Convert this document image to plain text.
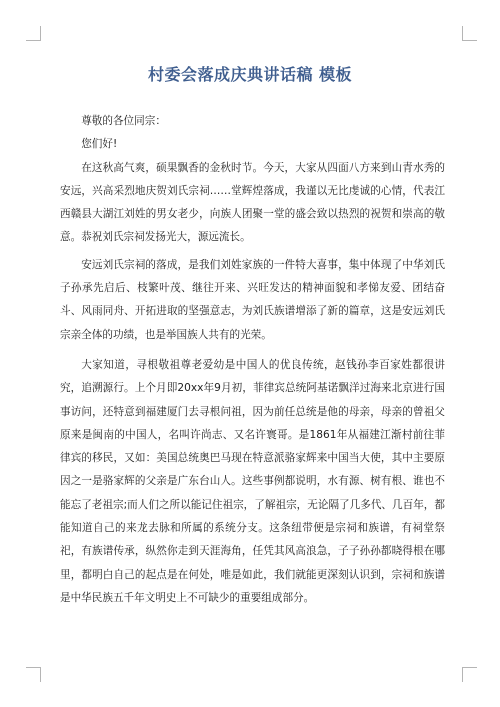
村委会落成庆典讲话稿 模板

尊敬的各位同宗：

您们好!

在这秋高气爽，硕果飘香的金秋时节。今天，大家从四面八方来到山青水秀的安远，兴高采烈地庆贺刘氏宗祠……堂辉煌落成，我谨以无比虔诚的心情，代表江西赣县大湖江刘姓的男女老少，向族人团聚一堂的盛会致以热烈的祝贺和崇高的敬意。恭祝刘氏宗祠发扬光大，源远流长。

安远刘氏宗祠的落成，是我们刘姓家族的一件特大喜事，集中体现了中华刘氏子孙承先启后、枝繁叶茂、继往开来、兴旺发达的精神面貌和孝悌友爱、团结奋斗、风雨同舟、开拓进取的坚强意志，为刘氏族谱增添了新的篇章，这是安远刘氏宗亲全体的功绩，也是举国族人共有的光荣。

大家知道，寻根敬祖尊老爱幼是中国人的优良传统，赵钱孙李百家姓都很讲究，追溯源行。上个月即20xx年9月初，菲律宾总统阿基诺飘洋过海来北京进行国事访问，还特意到福建厦门去寻根问祖，因为前任总统是他的母亲，母亲的曾祖父原来是闽南的中国人，名叫许尚志、又名许寰哥。是1861年从福建江渐村前往菲律宾的移民，又如：美国总统奥巴马现在特意派骆家辉来中国当大使，其中主要原因之一是骆家辉的父亲是广东台山人。这些事例都说明，水有源、树有根、谁也不能忘了老祖宗;而人们之所以能记住祖宗，了解祖宗，无论隔了几多代、几百年，都能知道自己的来龙去脉和所属的系统分支。这条纽带便是宗祠和族谱，有祠堂祭祀，有族谱传承，纵然你走到天涯海角，任凭其风高浪急，子子孙孙都晓得根在哪里，都明白自己的起点是在何处，唯是如此，我们就能更深刻认识到，宗祠和族谱是中华民族五千年文明史上不可缺少的重要组成部分。
